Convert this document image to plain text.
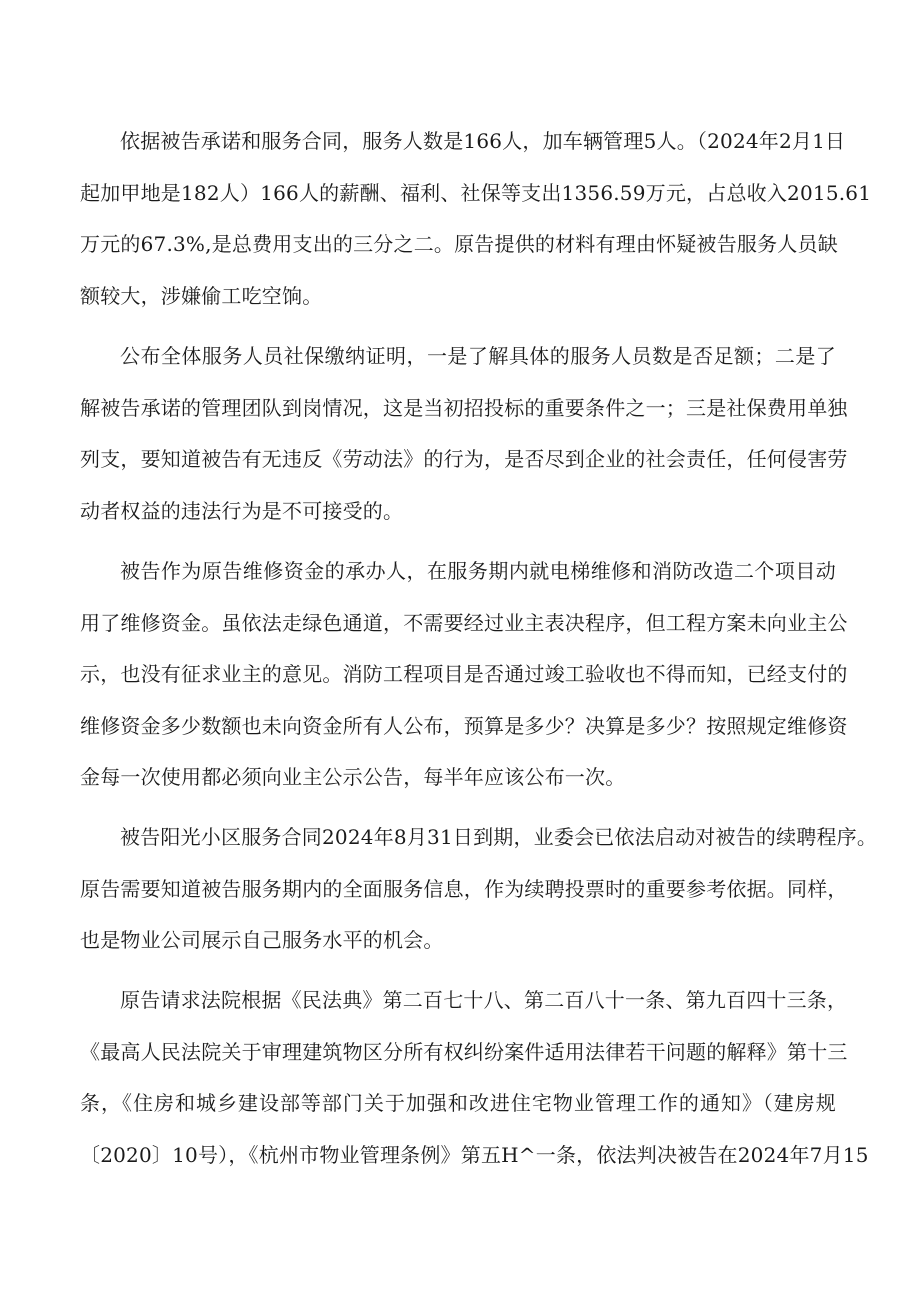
依据被告承诺和服务合同，服务人数是166人，加车辆管理5人。（2024年2月1日
起加甲地是182人）166人的薪酬、福利、社保等支出1356.59万元，占总收入2015.61
万元的67.3%,是总费用支出的三分之二。原告提供的材料有理由怀疑被告服务人员缺
额较大，涉嫌偷工吃空饷。
公布全体服务人员社保缴纳证明，一是了解具体的服务人员数是否足额；二是了
解被告承诺的管理团队到岗情况，这是当初招投标的重要条件之一；三是社保费用单独
列支，要知道被告有无违反《劳动法》的行为，是否尽到企业的社会责任，任何侵害劳
动者权益的违法行为是不可接受的。
被告作为原告维修资金的承办人，在服务期内就电梯维修和消防改造二个项目动
用了维修资金。虽依法走绿色通道，不需要经过业主表决程序，但工程方案未向业主公
示，也没有征求业主的意见。消防工程项目是否通过竣工验收也不得而知，已经支付的
维修资金多少数额也未向资金所有人公布，预算是多少？决算是多少？按照规定维修资
金每一次使用都必须向业主公示公告，每半年应该公布一次。
被告阳光小区服务合同2024年8月31日到期，业委会已依法启动对被告的续聘程序。
原告需要知道被告服务期内的全面服务信息，作为续聘投票时的重要参考依据。同样，
也是物业公司展示自己服务水平的机会。
原告请求法院根据《民法典》第二百七十八、第二百八十一条、第九百四十三条，
《最高人民法院关于审理建筑物区分所有权纠纷案件适用法律若干问题的解释》第十三
条，《住房和城乡建设部等部门关于加强和改进住宅物业管理工作的通知》（建房规
〔2020〕10号），《杭州市物业管理条例》第五H^一条，依法判决被告在2024年7月15
